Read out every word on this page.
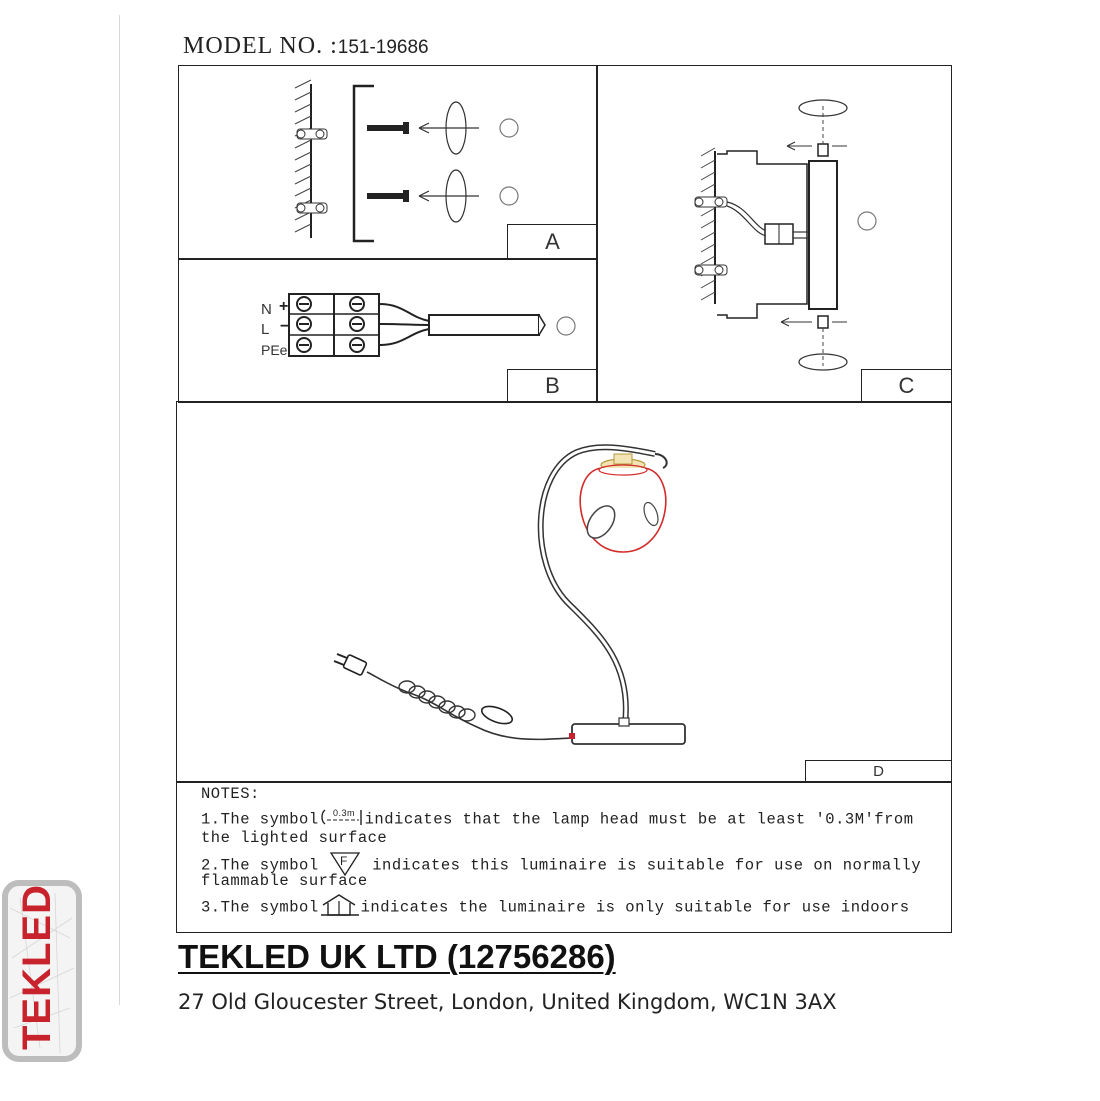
MODEL NO. :151-19686
A
+
−
N
L
PEe
B	C
D
NOTES:
1.The symbol 0.3m indicates that the lamp head must be at least '0.3M'from
the lighted surface
2.The symbol F indicates this luminaire is suitable for use on normally
flammable surface
3.The symbol	indicates the luminaire is only suitable for use indoors
TEKLED UK LTD (12756286)
27 Old Gloucester Street, London, United Kingdom, WC1N 3AX
TEKLED
